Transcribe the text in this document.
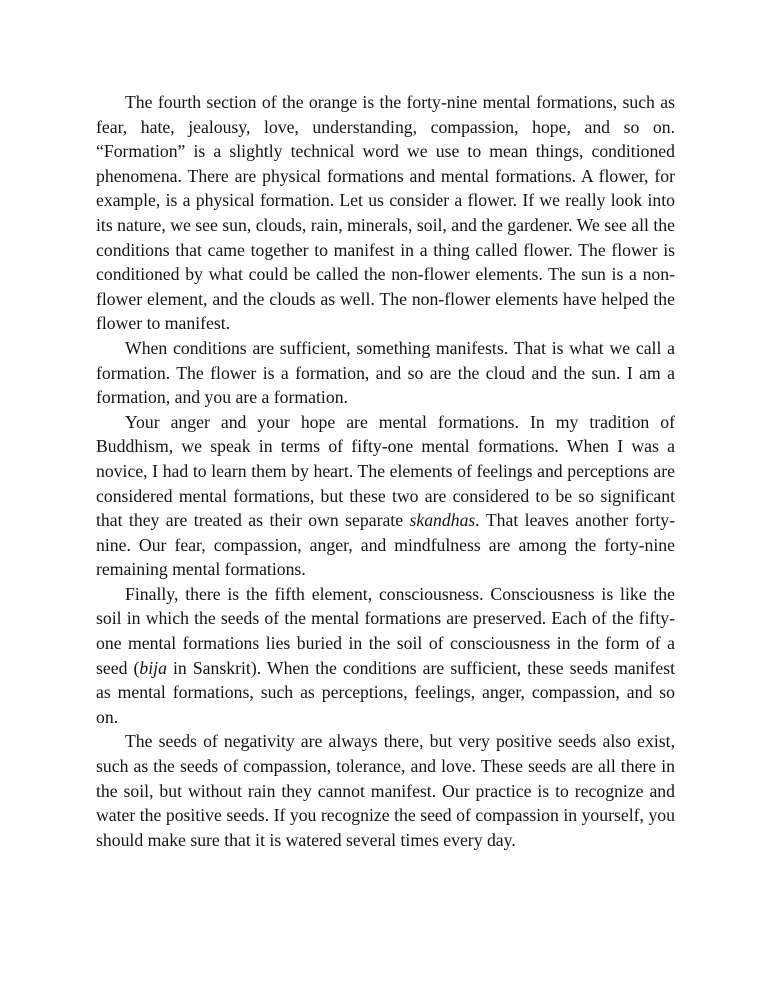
The fourth section of the orange is the forty-nine mental formations, such as fear, hate, jealousy, love, understanding, compassion, hope, and so on. “Formation” is a slightly technical word we use to mean things, conditioned phenomena. There are physical formations and mental formations. A flower, for example, is a physical formation. Let us consider a flower. If we really look into its nature, we see sun, clouds, rain, minerals, soil, and the gardener. We see all the conditions that came together to manifest in a thing called flower. The flower is conditioned by what could be called the non-flower elements. The sun is a non-flower element, and the clouds as well. The non-flower elements have helped the flower to manifest.

When conditions are sufficient, something manifests. That is what we call a formation. The flower is a formation, and so are the cloud and the sun. I am a formation, and you are a formation.

Your anger and your hope are mental formations. In my tradition of Buddhism, we speak in terms of fifty-one mental formations. When I was a novice, I had to learn them by heart. The elements of feelings and perceptions are considered mental formations, but these two are considered to be so significant that they are treated as their own separate skandhas. That leaves another forty-nine. Our fear, compassion, anger, and mindfulness are among the forty-nine remaining mental formations.

Finally, there is the fifth element, consciousness. Consciousness is like the soil in which the seeds of the mental formations are preserved. Each of the fifty-one mental formations lies buried in the soil of consciousness in the form of a seed (bija in Sanskrit). When the conditions are sufficient, these seeds manifest as mental formations, such as perceptions, feelings, anger, compassion, and so on.

The seeds of negativity are always there, but very positive seeds also exist, such as the seeds of compassion, tolerance, and love. These seeds are all there in the soil, but without rain they cannot manifest. Our practice is to recognize and water the positive seeds. If you recognize the seed of compassion in yourself, you should make sure that it is watered several times every day.
